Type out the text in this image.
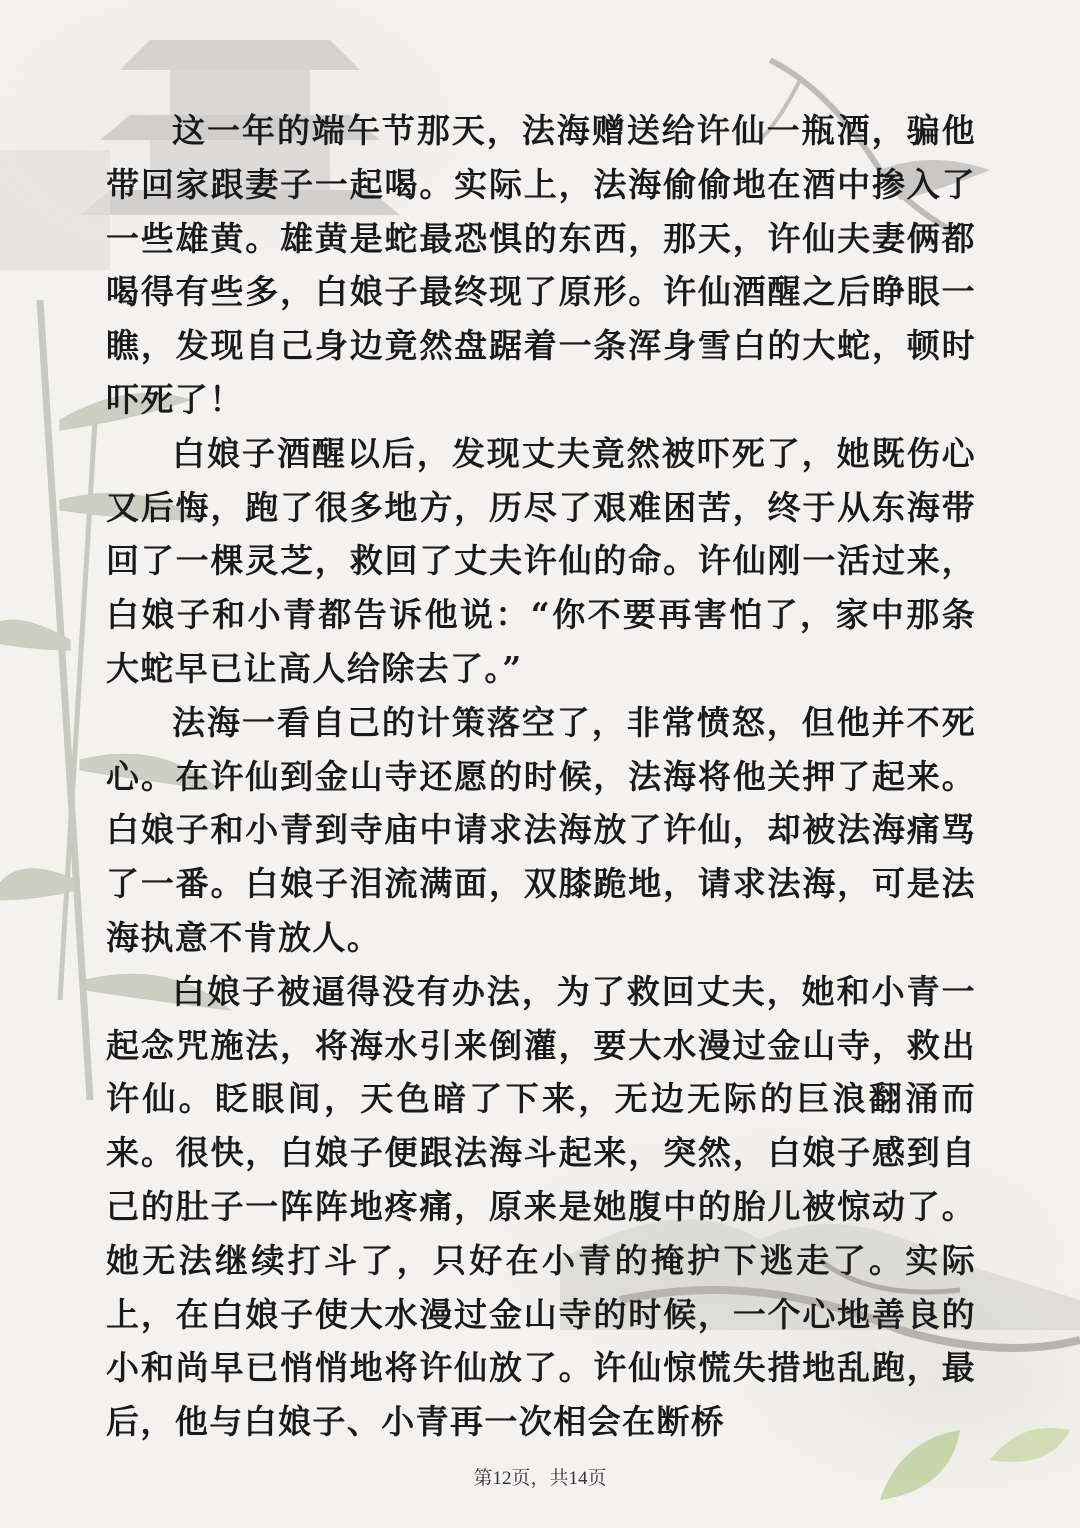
这一年的端午节那天，法海赠送给许仙一瓶酒，骗他带回家跟妻子一起喝。实际上，法海偷偷地在酒中掺入了一些雄黄。雄黄是蛇最恐惧的东西，那天，许仙夫妻俩都喝得有些多，白娘子最终现了原形。许仙酒醒之后睁眼一瞧，发现自己身边竟然盘踞着一条浑身雪白的大蛇，顿时吓死了！

白娘子酒醒以后，发现丈夫竟然被吓死了，她既伤心又后悔，跑了很多地方，历尽了艰难困苦，终于从东海带回了一棵灵芝，救回了丈夫许仙的命。许仙刚一活过来，白娘子和小青都告诉他说：“你不要再害怕了，家中那条大蛇早已让高人给除去了。”

法海一看自己的计策落空了，非常愤怒，但他并不死心。在许仙到金山寺还愿的时候，法海将他关押了起来。白娘子和小青到寺庙中请求法海放了许仙，却被法海痛骂了一番。白娘子泪流满面，双膝跪地，请求法海，可是法海执意不肯放人。

白娘子被逼得没有办法，为了救回丈夫，她和小青一起念咒施法，将海水引来倒灌，要大水漫过金山寺，救出许仙。眨眼间，天色暗了下来，无边无际的巨浪翻涌而来。很快，白娘子便跟法海斗起来，突然，白娘子感到自己的肚子一阵阵地疼痛，原来是她腹中的胎儿被惊动了。她无法继续打斗了，只好在小青的掩护下逃走了。实际上，在白娘子使大水漫过金山寺的时候，一个心地善良的小和尚早已悄悄地将许仙放了。许仙惊慌失措地乱跑，最后，他与白娘子、小青再一次相会在断桥

第12页，共14页
